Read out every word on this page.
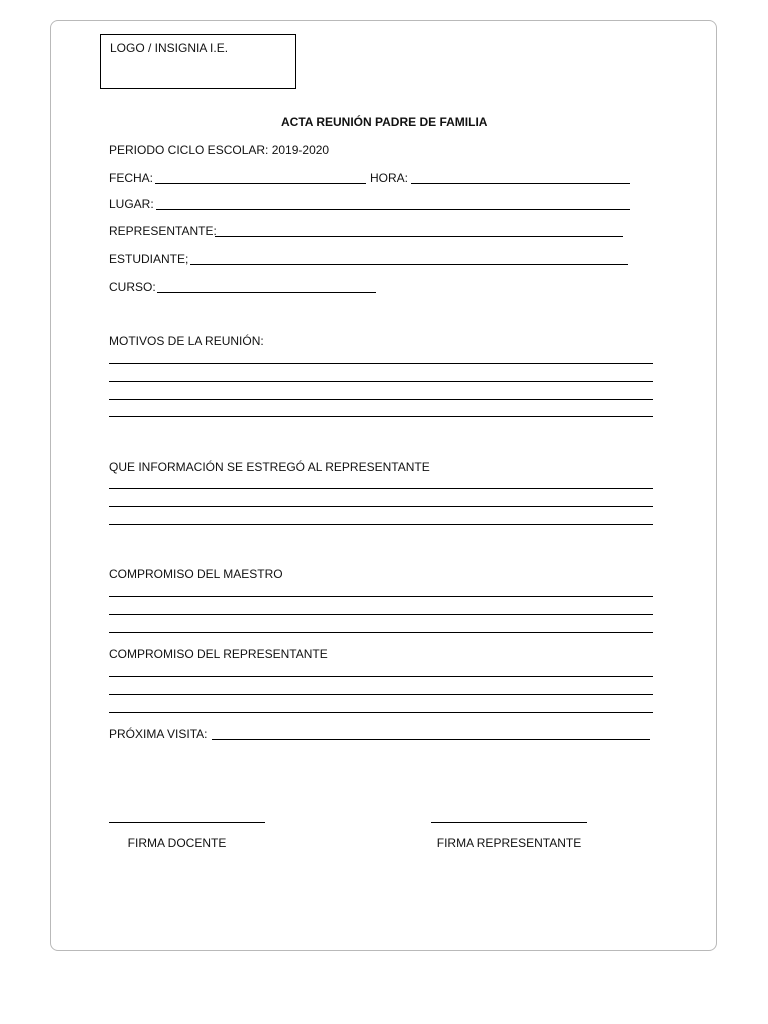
LOGO / INSIGNIA I.E.
ACTA REUNIÓN PADRE DE FAMILIA
PERIODO CICLO ESCOLAR: 2019-2020
FECHA:	HORA:
LUGAR:
REPRESENTANTE:
ESTUDIANTE;
CURSO:
MOTIVOS DE LA REUNIÓN:
QUE INFORMACIÓN SE ESTREGÓ AL REPRESENTANTE
COMPROMISO DEL MAESTRO
COMPROMISO DEL REPRESENTANTE
PRÓXIMA VISITA:
FIRMA DOCENTE	FIRMA REPRESENTANTE
